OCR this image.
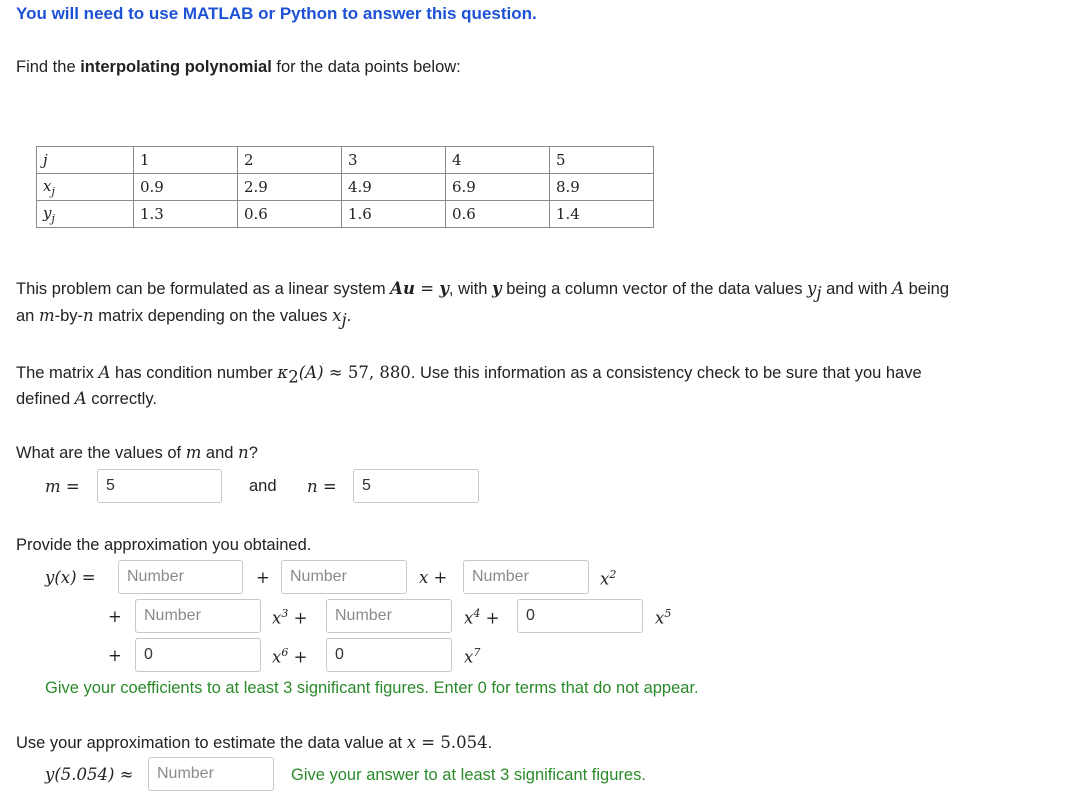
You will need to use MATLAB or Python to answer this question.
Find the interpolating polynomial for the data points below:
j	1	2	3	4	5
$x_j$	0.9	2.9	4.9	6.9	8.9
$y_j$	1.3	0.6	1.6	0.6	1.4
This problem can be formulated as a linear system Au = y, with y being a column vector of the data values $y_j$ and with A being
an m-by-n matrix depending on the values $x_j$.
The matrix A has condition number $\kappa_2(A) \approx 57$, 880. Use this information as a consistency check to be sure that you have
defined A correctly.
What are the values of m and n?
m =
5	and n =
5
Provide the approximation you obtained.
y(x) =
Number	+
Number	x +
Number	$x^2$
+
Number	$x^3$ +
Number	$x^4$ +
0	$x^5$
+
0	$x^6$ +
0	$x^7$
Give your coefficients to at least 3 significant figures. Enter 0 for terms that do not appear.
Use your approximation to estimate the data value at x = 5.054.
y(5.054) ≈
Number	Give your answer to at least 3 significant figures.
